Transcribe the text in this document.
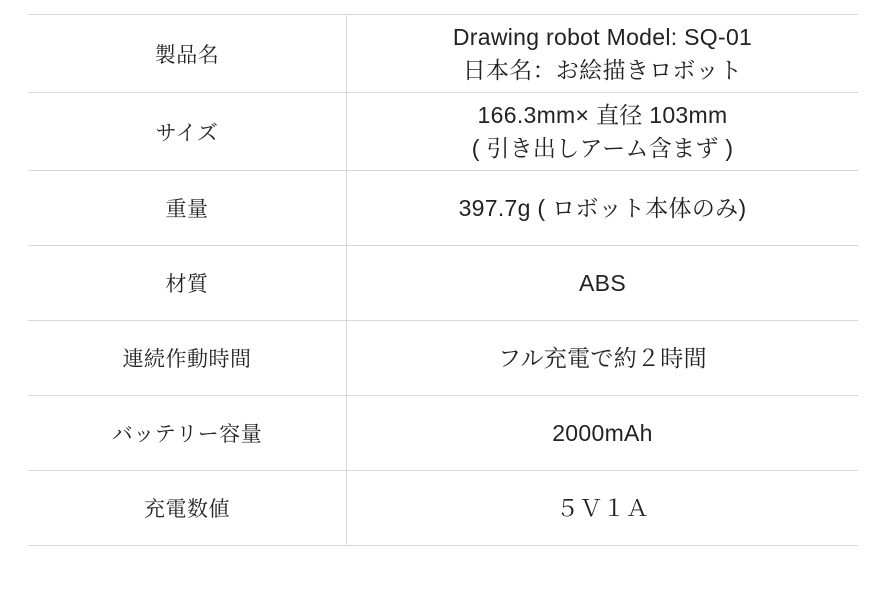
製品名	Drawing robot Model: SQ-01
日本名：お絵描きロボット

サイズ	166.3mm× 直径 103mm
( 引き出しアーム含まず )

重量	397.7g ( ロボット本体のみ)

材質	ABS

連続作動時間	フル充電で約２時間

バッテリー容量	2000mAh

充電数値	５Ｖ１Ａ
